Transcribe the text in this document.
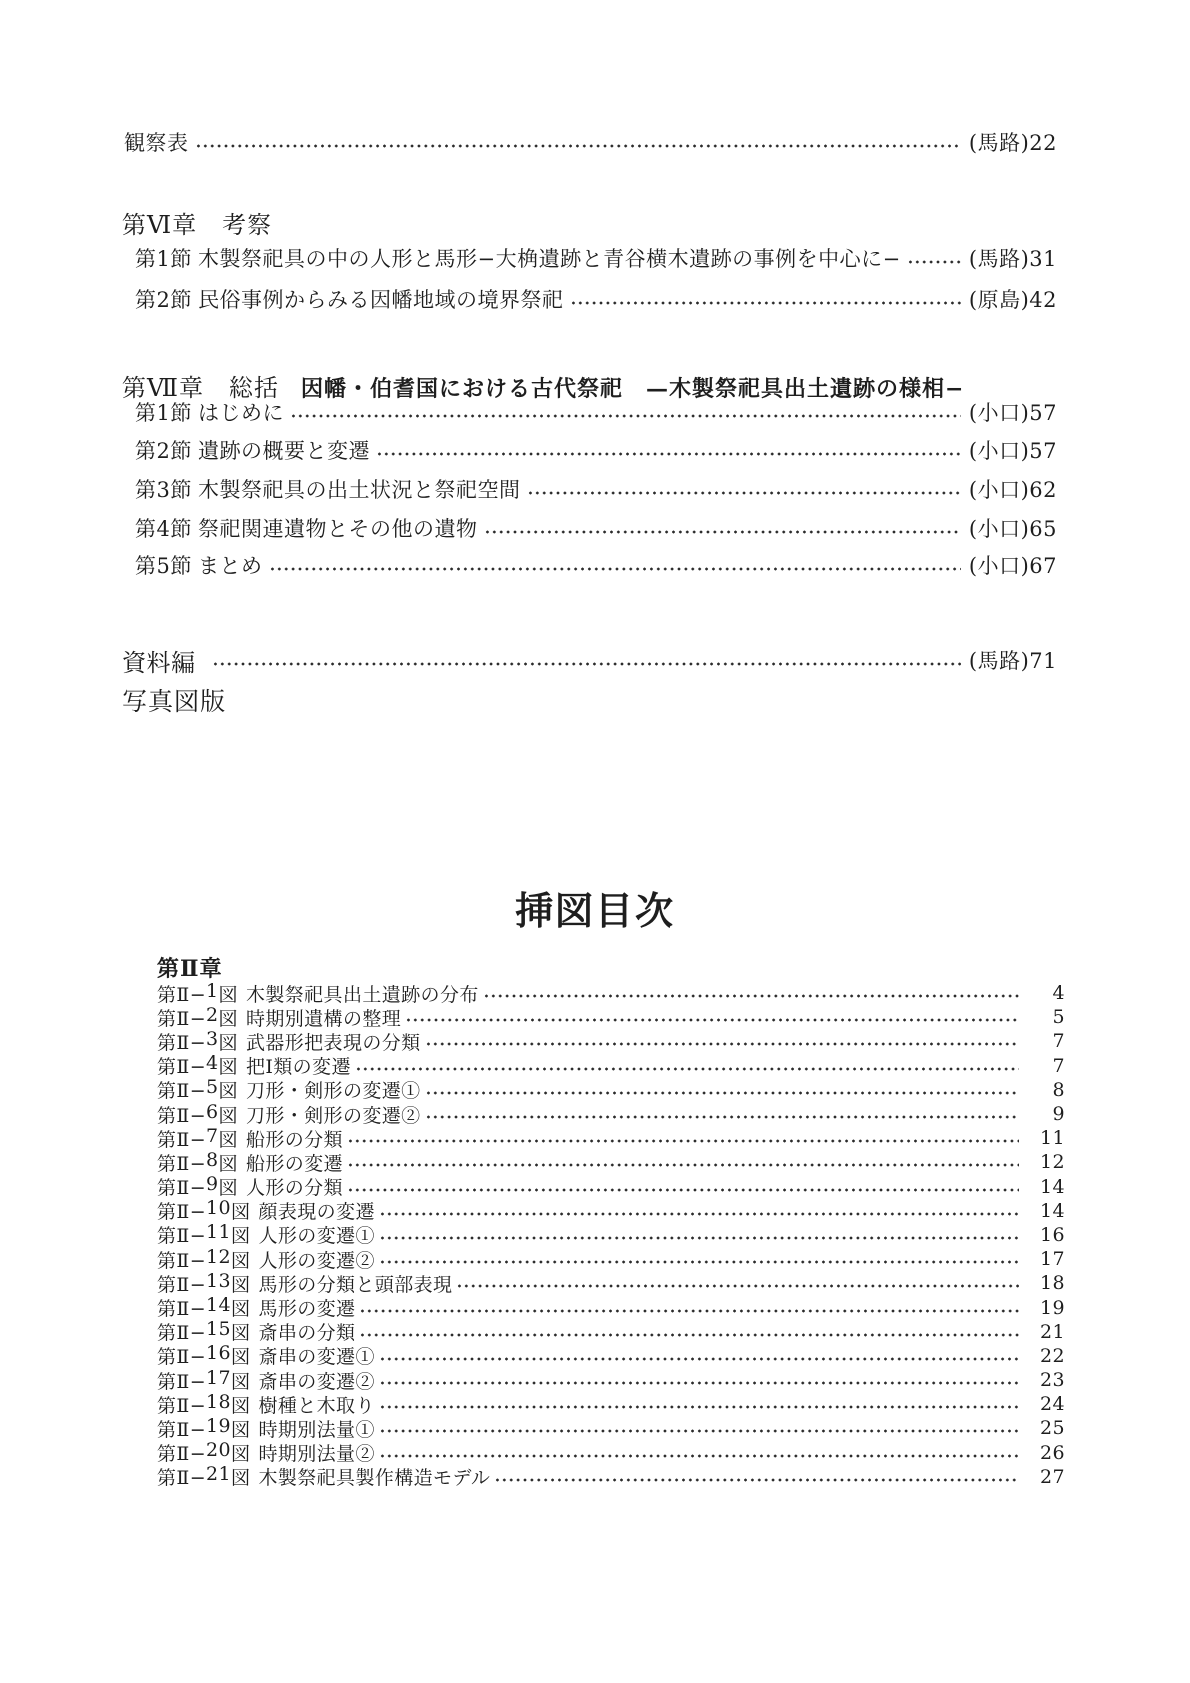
観察表	(馬路)22
第Ⅵ章　考察
第1節 木製祭祀具の中の人形と馬形−大桷遺跡と青谷横木遺跡の事例を中心に−	(馬路)31
第2節 民俗事例からみる因幡地域の境界祭祀	(原島)42
第Ⅶ章　総括 因幡・伯耆国における古代祭祀　—木製祭祀具出土遺跡の様相−
第1節 はじめに	(小口)57
第2節 遺跡の概要と変遷	(小口)57
第3節 木製祭祀具の出土状況と祭祀空間	(小口)62
第4節 祭祀関連遺物とその他の遺物	(小口)65
第5節 まとめ	(小口)67
資料編	(馬路)71
写真図版
挿図目次
第Ⅱ章
第Ⅱ− 1 図 木製祭祀具出土遺跡の分布	4
第Ⅱ− 2 図 時期別遺構の整理	5
第Ⅱ− 3 図 武器形把表現の分類	7
第Ⅱ− 4 図 把Ⅰ類の変遷	7
第Ⅱ− 5 図 刀形・剣形の変遷①	8
第Ⅱ− 6 図 刀形・剣形の変遷②	9
第Ⅱ− 7 図 船形の分類	11
第Ⅱ− 8 図 船形の変遷	12
第Ⅱ− 9 図 人形の分類	14
第Ⅱ− 10 図 顔表現の変遷	14
第Ⅱ− 11 図 人形の変遷①	16
第Ⅱ− 12 図 人形の変遷②	17
第Ⅱ− 13 図 馬形の分類と頭部表現	18
第Ⅱ− 14 図 馬形の変遷	19
第Ⅱ− 15 図 斎串の分類	21
第Ⅱ− 16 図 斎串の変遷①	22
第Ⅱ− 17 図 斎串の変遷②	23
第Ⅱ− 18 図 樹種と木取り	24
第Ⅱ− 19 図 時期別法量①	25
第Ⅱ− 20 図 時期別法量②	26
第Ⅱ− 21 図 木製祭祀具製作構造モデル	27
